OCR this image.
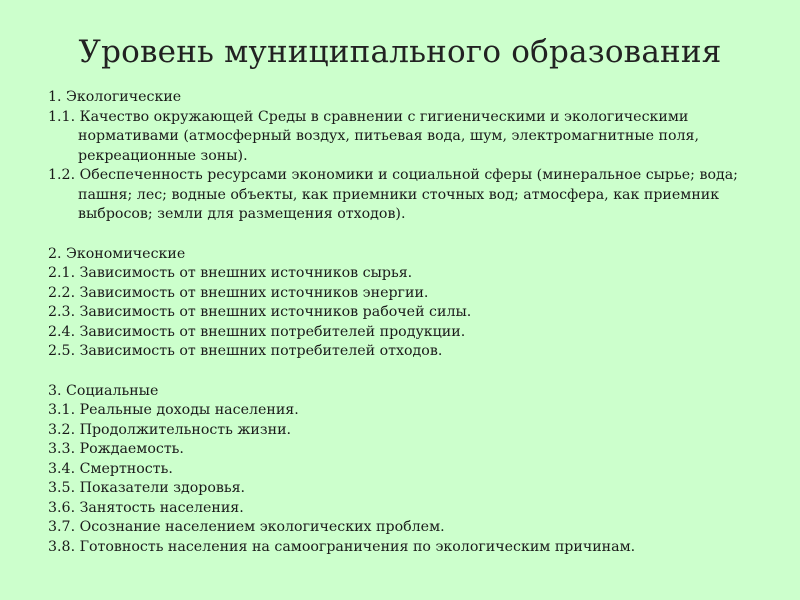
Уровень муниципального образования

1. Экологические

1.1. Качество окружающей Среды в сравнении с гигиеническими и экологическими нормативами (атмосферный воздух, питьевая вода, шум, электромагнитные поля, рекреационные зоны).

1.2. Обеспеченность ресурсами экономики и социальной сферы (минеральное сырье; вода; пашня; лес; водные объекты, как приемники сточных вод; атмосфера, как приемник выбросов; земли для размещения отходов).

2. Экономические

2.1. Зависимость от внешних источников сырья.

2.2. Зависимость от внешних источников энергии.

2.3. Зависимость от внешних источников рабочей силы.

2.4. Зависимость от внешних потребителей продукции.

2.5. Зависимость от внешних потребителей отходов.

3. Социальные

3.1. Реальные доходы населения.

3.2. Продолжительность жизни.

3.3. Рождаемость.

3.4. Смертность.

3.5. Показатели здоровья.

3.6. Занятость населения.

3.7. Осознание населением экологических проблем.

3.8. Готовность населения на самоограничения по экологическим причинам.
